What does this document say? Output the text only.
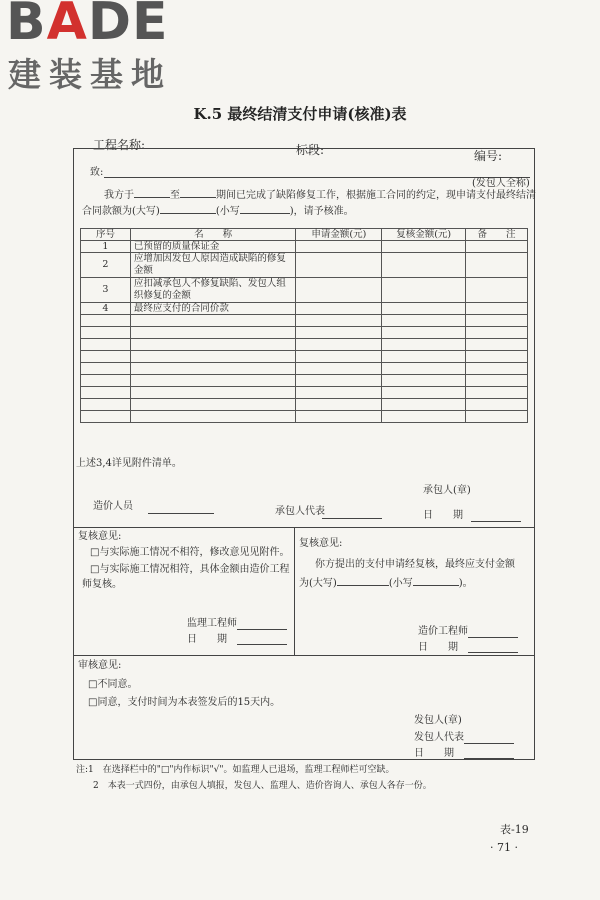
BADE
建装基地
K.5 最终结清支付申请(核准)表
工程名称:	标段:	编号:
致:
(发包人全称)
我方于	至	期间已完成了缺陷修复工作，根据施工合同的约定，现申请支付最终结清
合同款额为(大写)	(小写	)，请予核准。
序号	名　　称	申请金额(元)	复核金额(元)	备　　注
1	已预留的质量保证金			
2	应增加因发包人原因造成缺陷的修复金额			
3	应扣减承包人不修复缺陷、发包人组织修复的金额			
4	最终应支付的合同价款			

上述3,4详见附件清单。
承包人(章)
造价人员	承包人代表	日　　期
复核意见:
□与实际施工情况不相符，修改意见见附件。
□与实际施工情况相符，具体金额由造价工程
师复核。
监理工程师
日　　期
复核意见:
你方提出的支付申请经复核，最终应支付金额
为(大写)	(小写	)。
造价工程师
日　　期
审核意见:
□不同意。
□同意，支付时间为本表签发后的15天内。
发包人(章)
发包人代表
日　　期
注:1　在选择栏中的"□"内作标识"√"。如监理人已退场，监理工程师栏可空缺。
2　本表一式四份，由承包人填报，发包人、监理人、造价咨询人、承包人各存一份。
表-19
· 71 ·
